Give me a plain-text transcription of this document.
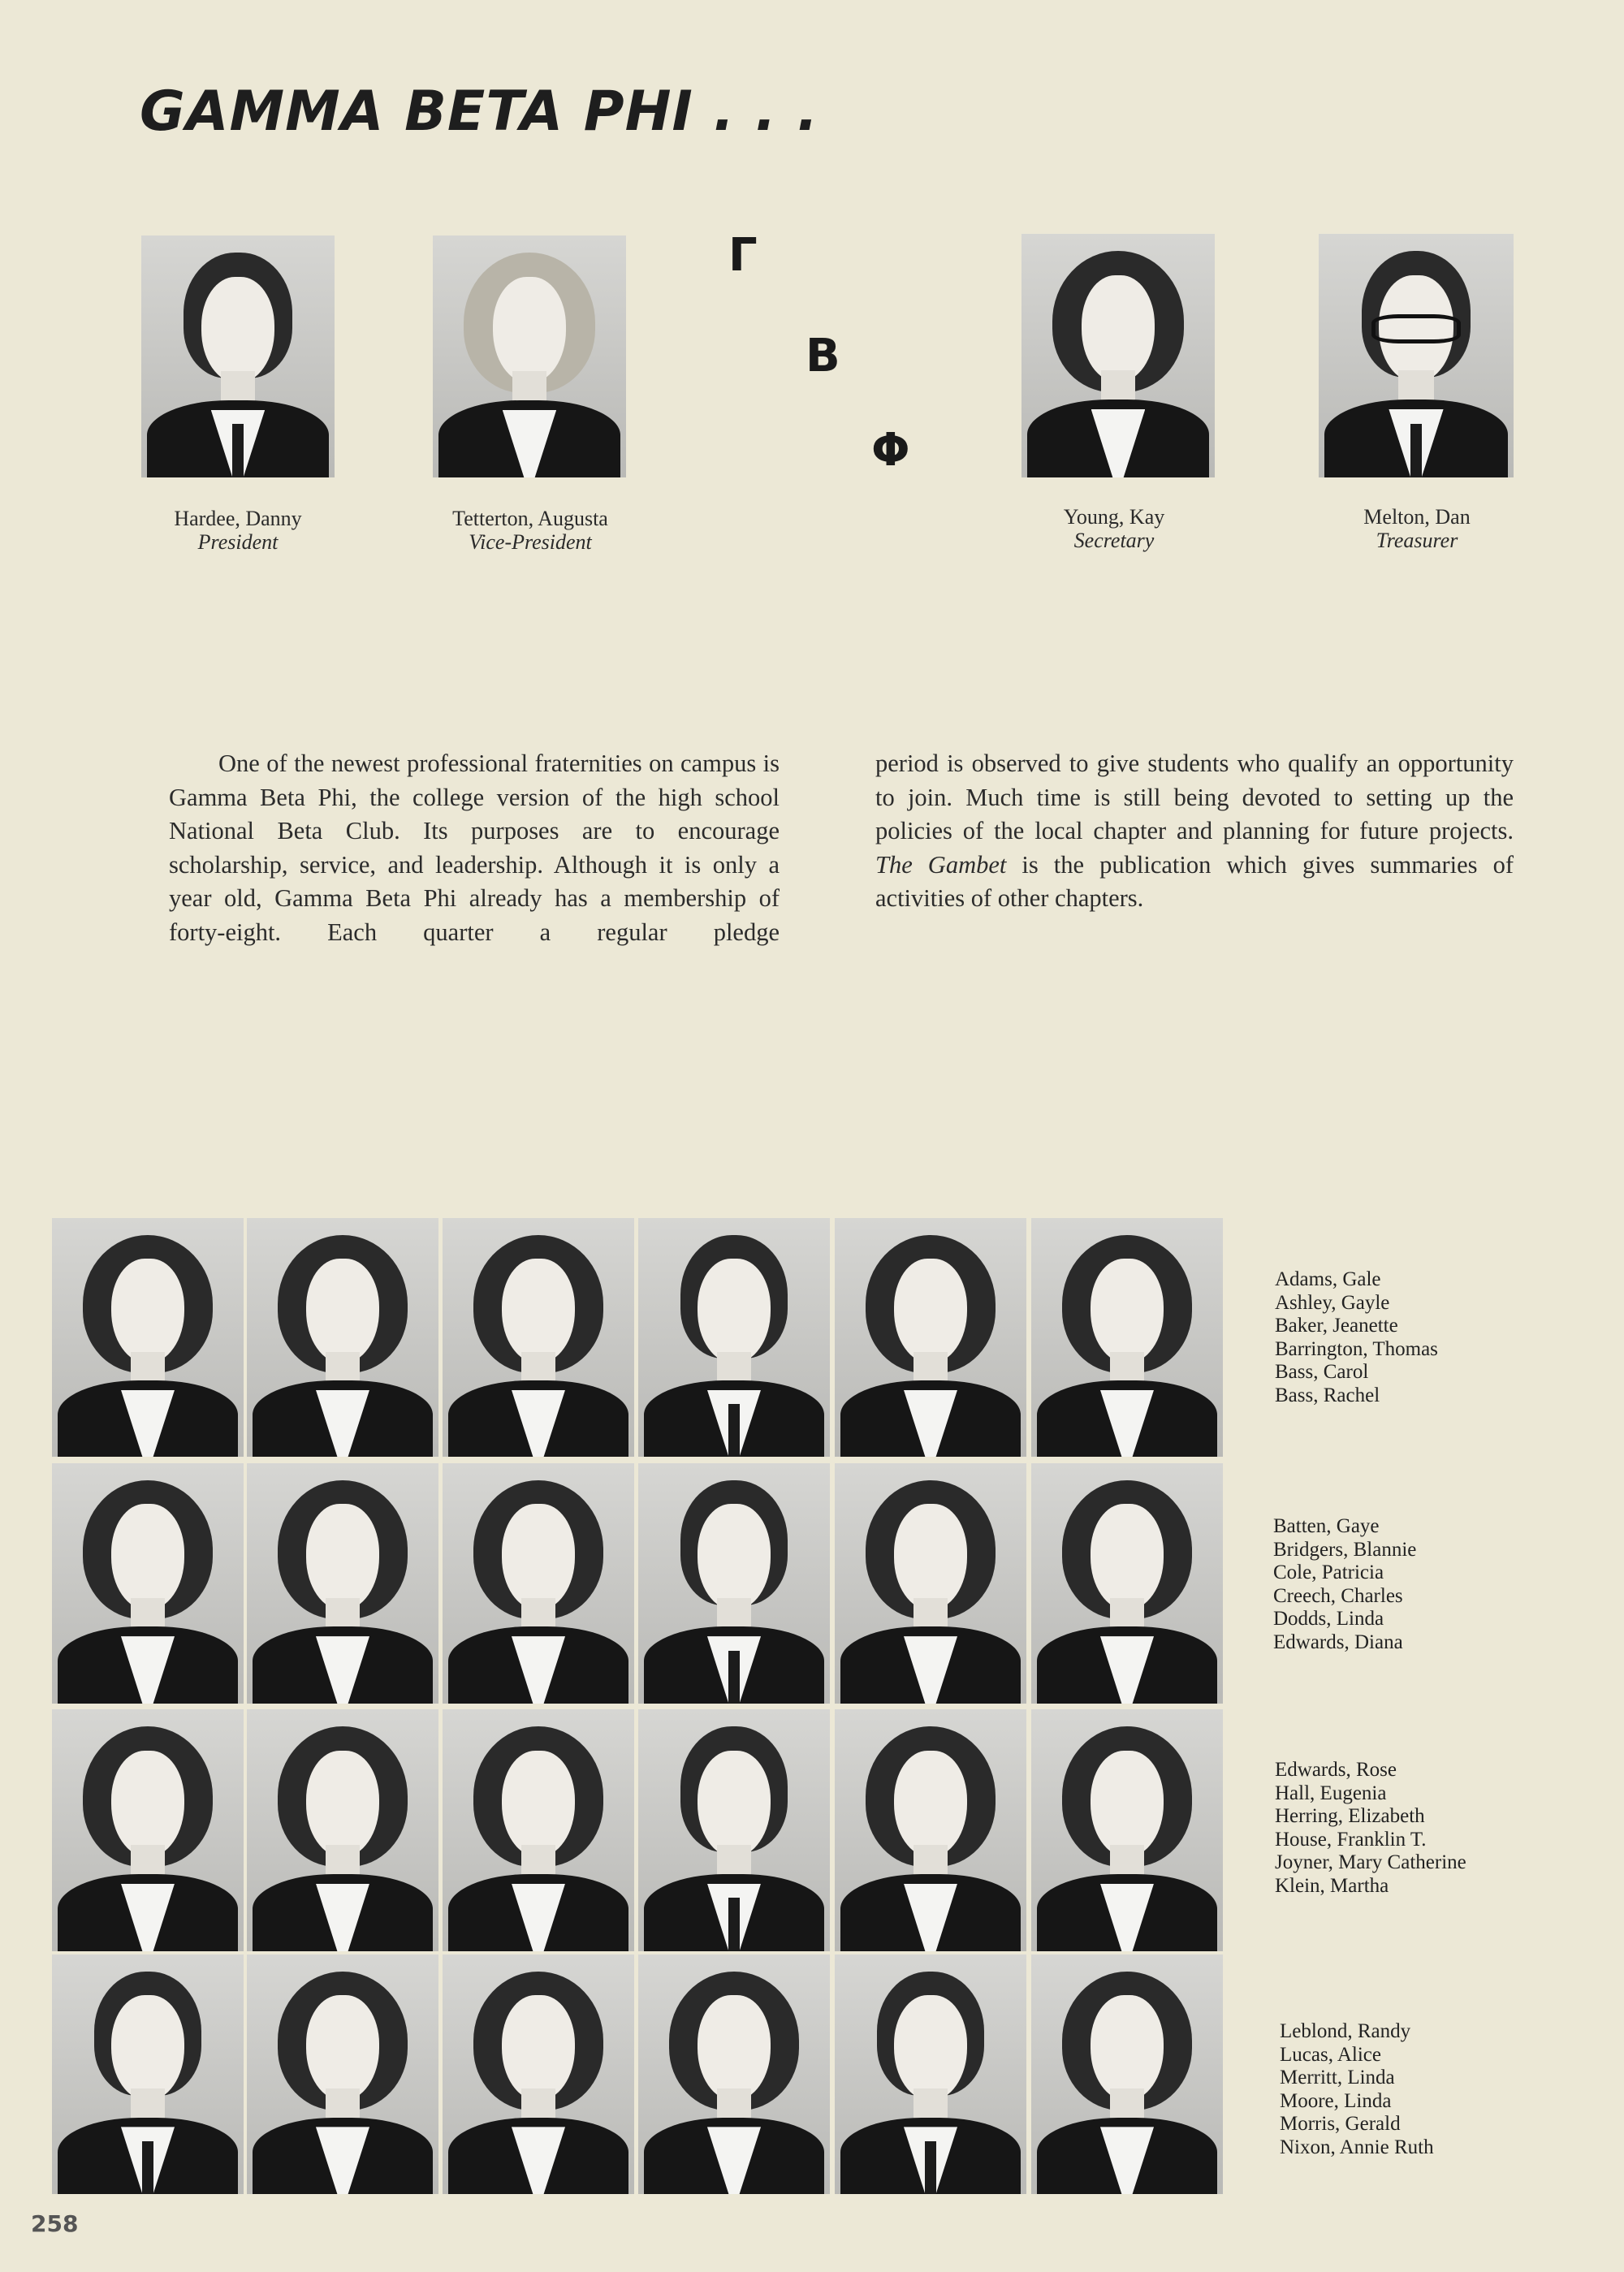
GAMMA BETA PHI . . .
Γ
B
Φ
Hardee, Danny
President
Tetterton, Augusta
Vice-President
Young, Kay
Secretary
Melton, Dan
Treasurer

One of the newest professional fraternities on campus is Gamma Beta Phi, the college version of the high school National Beta Club. Its purposes are to encourage scholarship, service, and leadership. Although it is only a year old, Gamma Beta Phi already has a membership of forty-eight. Each quarter a regular pledge

period is observed to give students who qualify an opportunity to join. Much time is still being devoted to setting up the policies of the local chapter and planning for future projects. The Gambet is the publication which gives summaries of activities of other chapters.

Adams, Gale
Ashley, Gayle
Baker, Jeanette
Barrington, Thomas
Bass, Carol
Bass, Rachel
Batten, Gaye
Bridgers, Blannie
Cole, Patricia
Creech, Charles
Dodds, Linda
Edwards, Diana
Edwards, Rose
Hall, Eugenia
Herring, Elizabeth
House, Franklin T.
Joyner, Mary Catherine
Klein, Martha
Leblond, Randy
Lucas, Alice
Merritt, Linda
Moore, Linda
Morris, Gerald
Nixon, Annie Ruth
258
